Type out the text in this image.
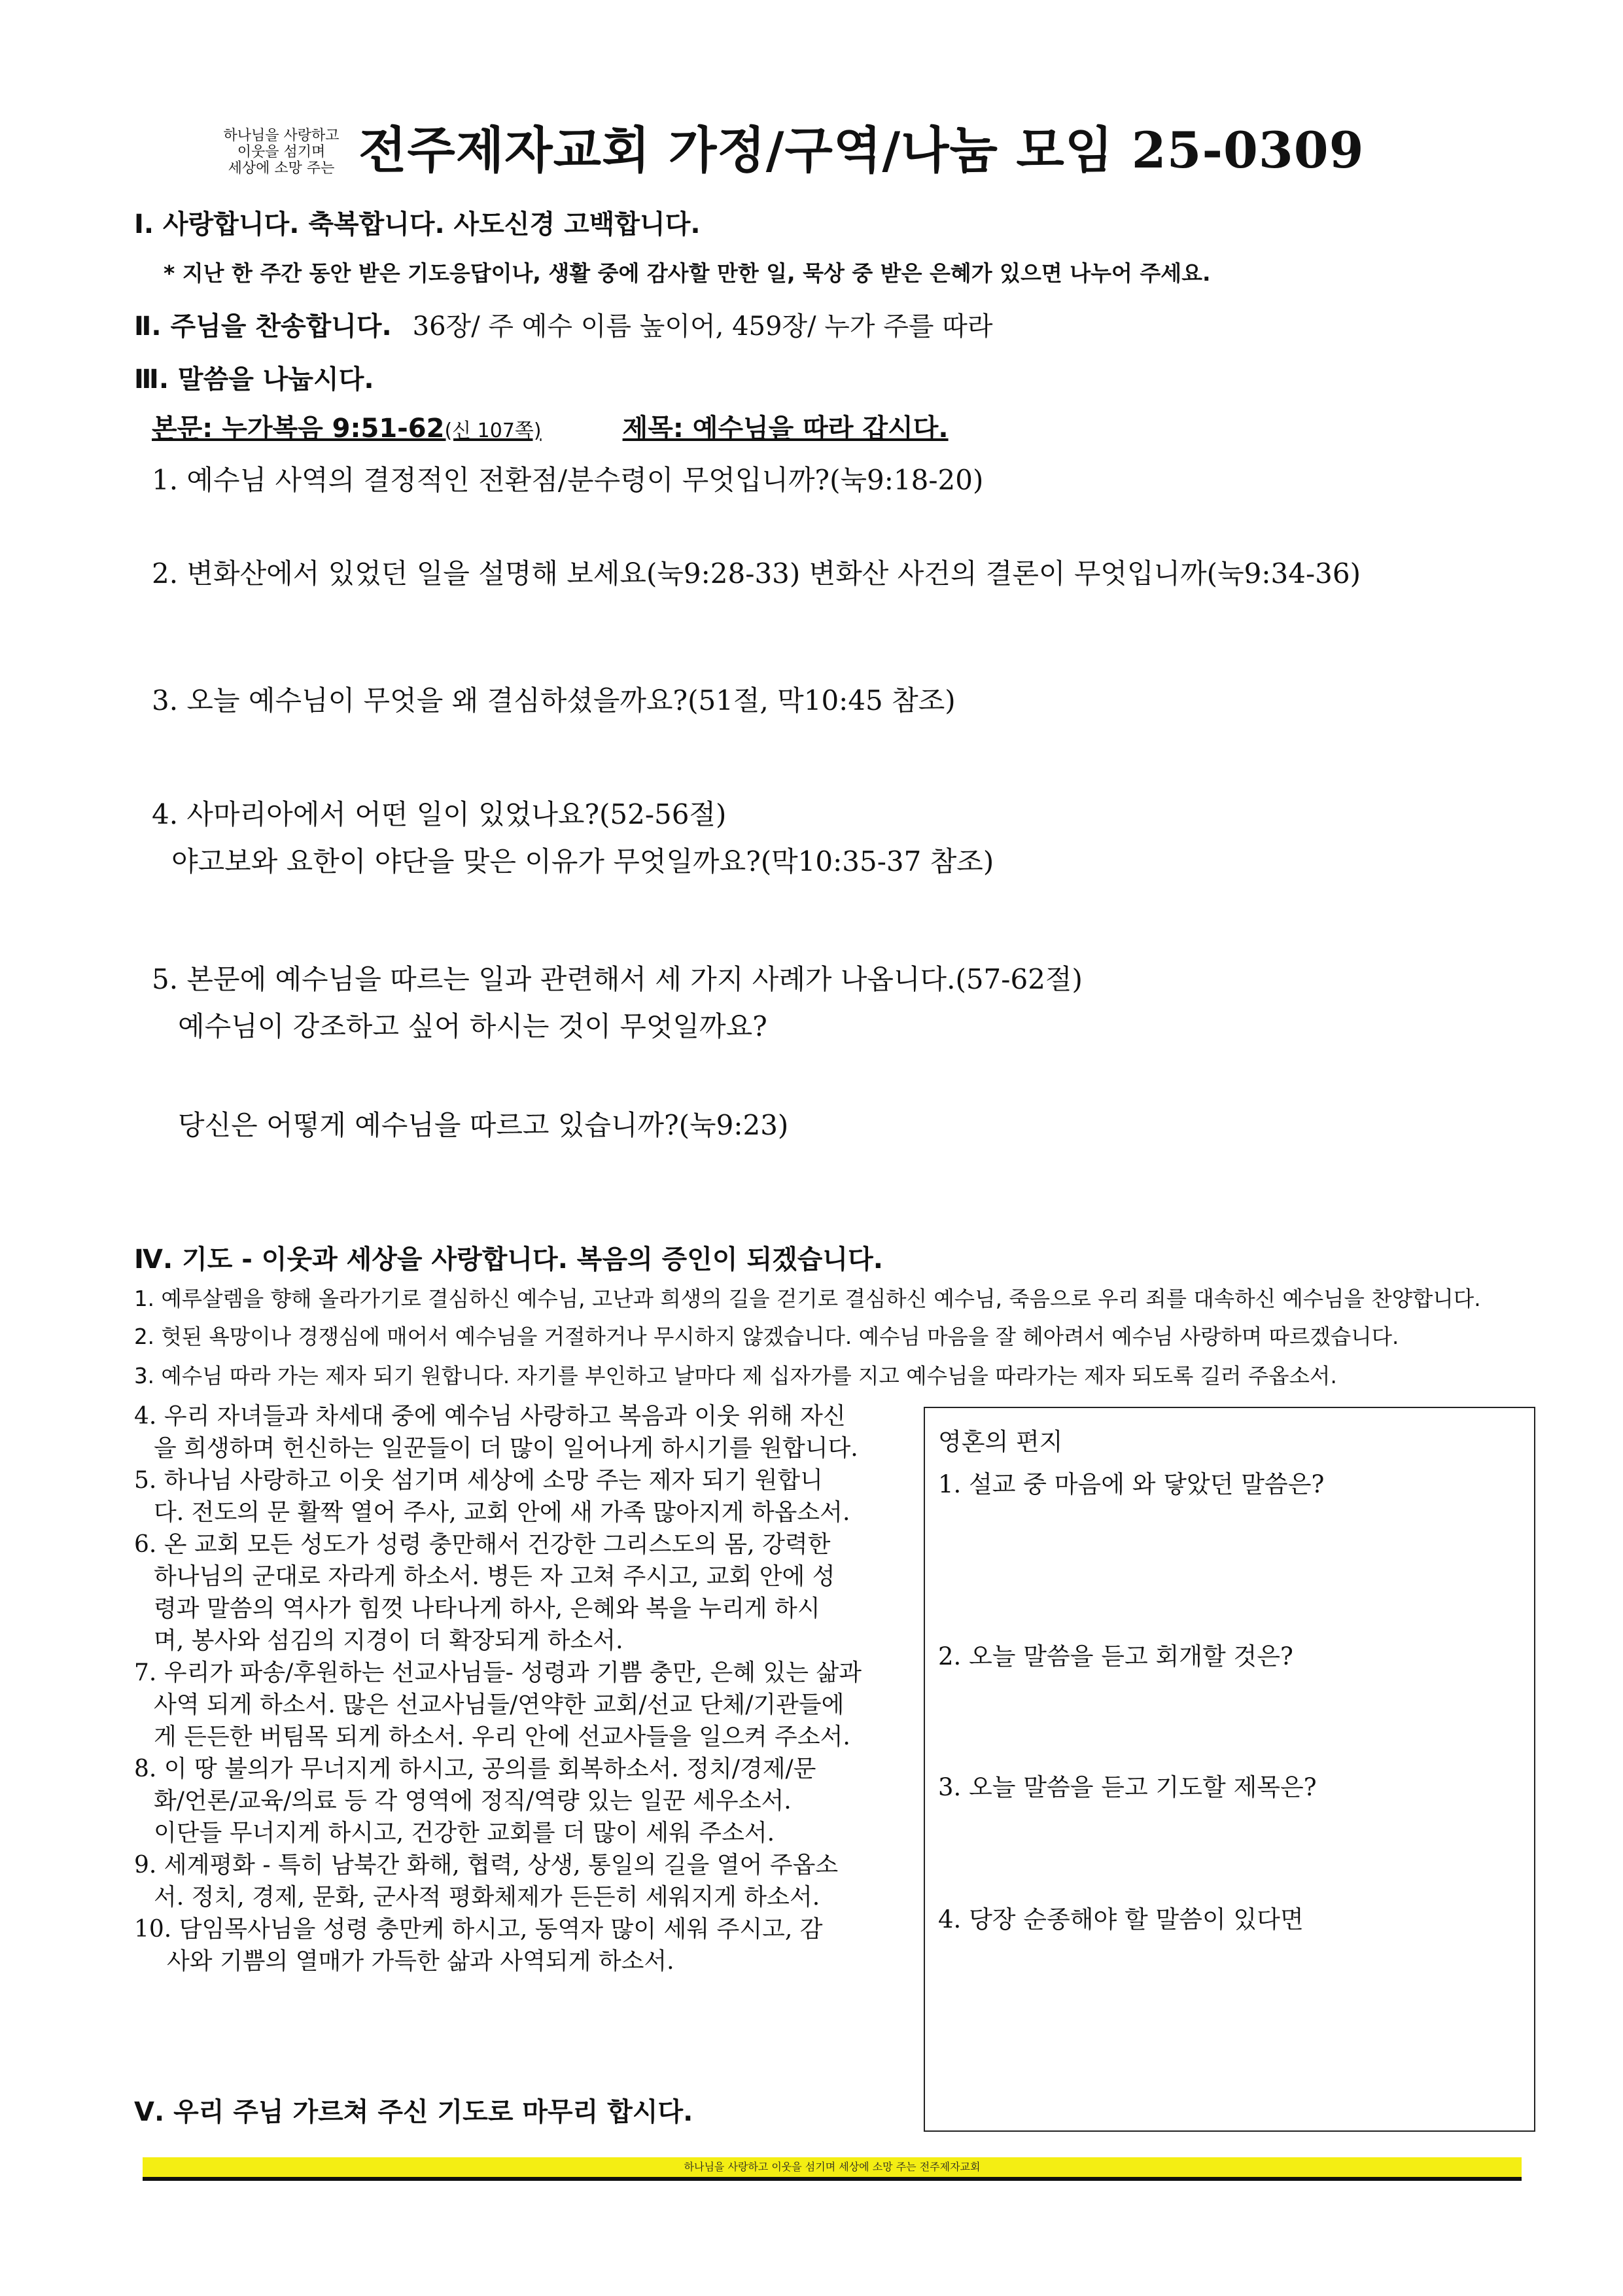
하나님을 사랑하고
이웃을 섬기며
세상에 소망 주는 전주제자교회 가정/구역/나눔 모임 25-0309
Ⅰ. 사랑합니다. 축복합니다. 사도신경 고백합니다.
* 지난 한 주간 동안 받은 기도응답이나, 생활 중에 감사할 만한 일, 묵상 중 받은 은혜가 있으면 나누어 주세요.
Ⅱ. 주님을 찬송합니다. 36장/ 주 예수 이름 높이어, 459장/ 누가 주를 따라
Ⅲ. 말씀을 나눕시다.
본문: 누가복음 9:51-62(신 107쪽)	제목: 예수님을 따라 갑시다.
1. 예수님 사역의 결정적인 전환점/분수령이 무엇입니까?(눅9:18-20)
2. 변화산에서 있었던 일을 설명해 보세요(눅9:28-33) 변화산 사건의 결론이 무엇입니까(눅9:34-36)
3. 오늘 예수님이 무엇을 왜 결심하셨을까요?(51절, 막10:45 참조)
4. 사마리아에서 어떤 일이 있었나요?(52-56절)
야고보와 요한이 야단을 맞은 이유가 무엇일까요?(막10:35-37 참조)
5. 본문에 예수님을 따르는 일과 관련해서 세 가지 사례가 나옵니다.(57-62절)
예수님이 강조하고 싶어 하시는 것이 무엇일까요?
당신은 어떻게 예수님을 따르고 있습니까?(눅9:23)
Ⅳ. 기도 - 이웃과 세상을 사랑합니다. 복음의 증인이 되겠습니다.
1. 예루살렘을 향해 올라가기로 결심하신 예수님, 고난과 희생의 길을 걷기로 결심하신 예수님, 죽음으로 우리 죄를 대속하신 예수님을 찬양합니다.
2. 헛된 욕망이나 경쟁심에 매어서 예수님을 거절하거나 무시하지 않겠습니다. 예수님 마음을 잘 헤아려서 예수님 사랑하며 따르겠습니다.
3. 예수님 따라 가는 제자 되기 원합니다. 자기를 부인하고 날마다 제 십자가를 지고 예수님을 따라가는 제자 되도록 길러 주옵소서.
4. 우리 자녀들과 차세대 중에 예수님 사랑하고 복음과 이웃 위해 자신
을 희생하며 헌신하는 일꾼들이 더 많이 일어나게 하시기를 원합니다.
5. 하나님 사랑하고 이웃 섬기며 세상에 소망 주는 제자 되기 원합니
다. 전도의 문 활짝 열어 주사, 교회 안에 새 가족 많아지게 하옵소서.
6. 온 교회 모든 성도가 성령 충만해서 건강한 그리스도의 몸, 강력한
하나님의 군대로 자라게 하소서. 병든 자 고쳐 주시고, 교회 안에 성
령과 말씀의 역사가 힘껏 나타나게 하사, 은혜와 복을 누리게 하시
며, 봉사와 섬김의 지경이 더 확장되게 하소서.
7. 우리가 파송/후원하는 선교사님들- 성령과 기쁨 충만, 은혜 있는 삶과
사역 되게 하소서. 많은 선교사님들/연약한 교회/선교 단체/기관들에
게 든든한 버팀목 되게 하소서. 우리 안에 선교사들을 일으켜 주소서.
8. 이 땅 불의가 무너지게 하시고, 공의를 회복하소서. 정치/경제/문
화/언론/교육/의료 등 각 영역에 정직/역량 있는 일꾼 세우소서.
이단들 무너지게 하시고, 건강한 교회를 더 많이 세워 주소서.
9. 세계평화 - 특히 남북간 화해, 협력, 상생, 통일의 길을 열어 주옵소
서. 정치, 경제, 문화, 군사적 평화체제가 든든히 세워지게 하소서.
10. 담임목사님을 성령 충만케 하시고, 동역자 많이 세워 주시고, 감
사와 기쁨의 열매가 가득한 삶과 사역되게 하소서.
Ⅴ. 우리 주님 가르쳐 주신 기도로 마무리 합시다.
영혼의 편지
1. 설교 중 마음에 와 닿았던 말씀은?
2. 오늘 말씀을 듣고 회개할 것은?
3. 오늘 말씀을 듣고 기도할 제목은?
4. 당장 순종해야 할 말씀이 있다면
하나님을 사랑하고 이웃을 섬기며 세상에 소망 주는 전주제자교회
